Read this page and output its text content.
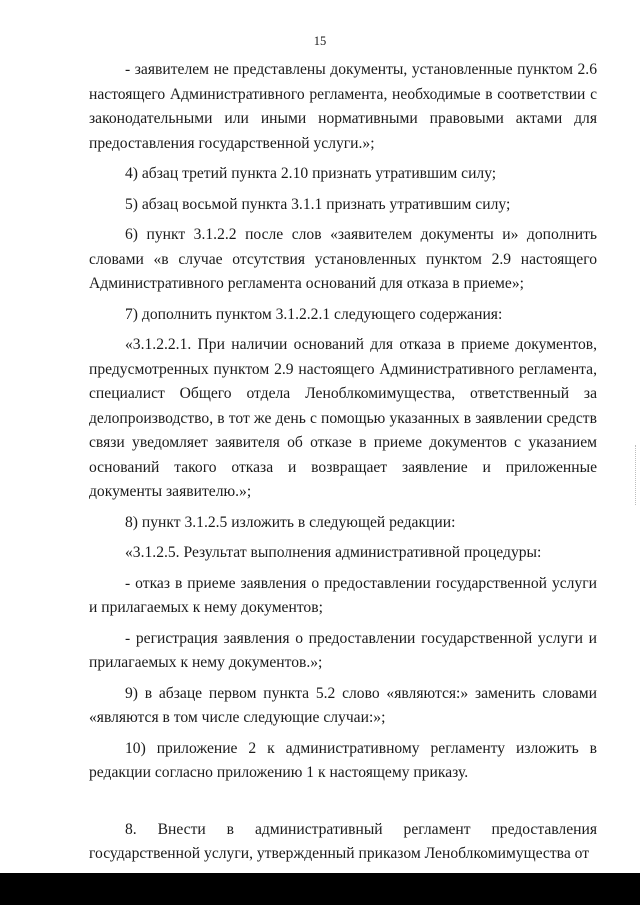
15

- заявителем не представлены документы, установленные пунктом 2.6 настоящего Административного регламента, необходимые в соответствии с законодательными или иными нормативными правовыми актами для предоставления государственной услуги.»;

4) абзац третий пункта 2.10 признать утратившим силу;

5) абзац восьмой пункта 3.1.1 признать утратившим силу;

6) пункт 3.1.2.2 после слов «заявителем документы и» дополнить словами «в случае отсутствия установленных пунктом 2.9 настоящего Административного регламента оснований для отказа в приеме»;

7) дополнить пунктом 3.1.2.2.1 следующего содержания:

«3.1.2.2.1. При наличии оснований для отказа в приеме документов, предусмотренных пунктом 2.9 настоящего Административного регламента, специалист Общего отдела Леноблкомимущества, ответственный за делопроизводство, в тот же день с помощью указанных в заявлении средств связи уведомляет заявителя об отказе в приеме документов с указанием оснований такого отказа и возвращает заявление и приложенные документы заявителю.»;

8) пункт 3.1.2.5 изложить в следующей редакции:

«3.1.2.5. Результат выполнения административной процедуры:

- отказ в приеме заявления о предоставлении государственной услуги и прилагаемых к нему документов;

- регистрация заявления о предоставлении государственной услуги и прилагаемых к нему документов.»;

9) в абзаце первом пункта 5.2 слово «являются:» заменить словами «являются в том числе следующие случаи:»;

10) приложение 2 к административному регламенту изложить в редакции согласно приложению 1 к настоящему приказу.

8. Внести в административный регламент предоставления государственной услуги, утвержденный приказом Леноблкомимущества от
